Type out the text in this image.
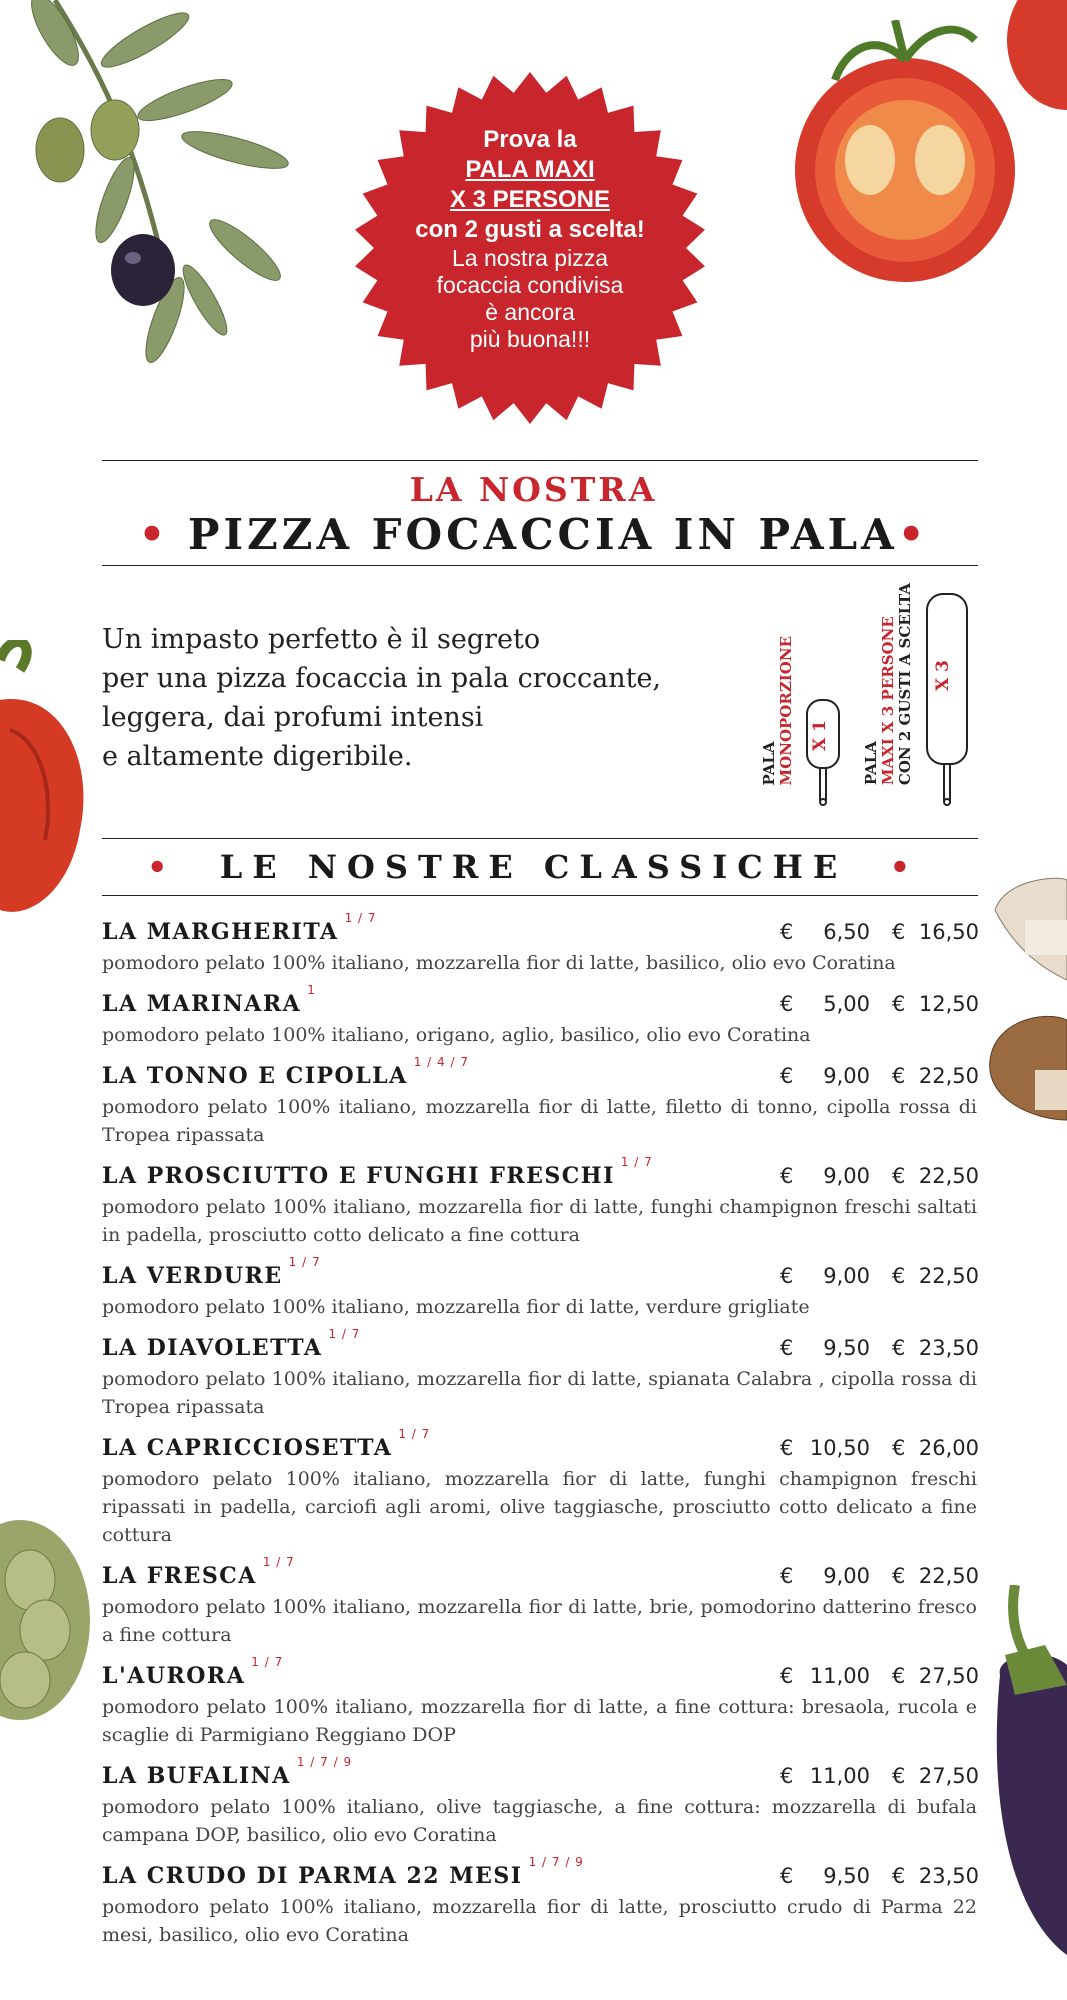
Prova la
PALA MAXI
X 3 PERSONE
con 2 gusti a scelta!
La nostra pizza
focaccia condivisa
è ancora
più buona!!!
LA NOSTRA
• PIZZA FOCACCIA IN PALA•
Un impasto perfetto è il segreto
per una pizza focaccia in pala croccante,
leggera, dai profumi intensi
e altamente digeribile.	PALA
MONOPORZIONE X 1
PALA
MAXI X 3 PERSONE
CON 2 GUSTI A SCELTA X 3
• LE NOSTRE CLASSICHE •
LA $MARGHERITA^{1 / 7}$
€ 6,50 € 16,50
pomodoro pelato 100% italiano, mozzarella fior di latte, basilico, olio evo Coratina
LA MARINARA$^1$
€ 5,00 € 12,50
pomodoro pelato 100% italiano, origano, aglio, basilico, olio evo Coratina
LA TONNO E $CIPOLLA^{1 / 4 / 7}$
€ 9,00 € 22,50
pomodoro pelato 100% italiano, mozzarella fior di latte, filetto di tonno, cipolla rossa di Tropea ripassata
LA PROSCIUTTO E FUNGHI $FRESCHI^{1 / 7}$
€ 9,00 € 22,50
pomodoro pelato 100% italiano, mozzarella fior di latte, funghi champignon freschi saltati in padella, prosciutto cotto delicato a fine cottura
LA $VERDURE^{1 / 7}$
€ 9,00 € 22,50
pomodoro pelato 100% italiano, mozzarella fior di latte, verdure grigliate
LA $DIAVOLETTA^{1 / 7}$
€ 9,50 € 23,50
pomodoro pelato 100% italiano, mozzarella fior di latte, spianata Calabra , cipolla rossa di Tropea ripassata
LA $CAPRICCIOSETTA^{1 / 7}$
€ 10,50 € 26,00
pomodoro pelato 100% italiano, mozzarella fior di latte, funghi champignon freschi ripassati in padella, carciofi agli aromi, olive taggiasche, prosciutto cotto delicato a fine cottura
LA $FRESCA^{1 / 7}$
€ 9,00 € 22,50
pomodoro pelato 100% italiano, mozzarella fior di latte, brie, pomodorino datterino fresco a fine cottura
$L'AURORA^{1 / 7}$
€ 11,00 € 27,50
pomodoro pelato 100% italiano, mozzarella fior di latte, a fine cottura: bresaola, rucola e scaglie di Parmigiano Reggiano DOP
LA $BUFALINA^{1 / 7 / 9}$
€ 11,00 € 27,50
pomodoro pelato 100% italiano, olive taggiasche, a fine cottura: mozzarella di bufala campana DOP, basilico, olio evo Coratina
LA CRUDO DI PARMA 22 $MESI^{1 / 7 / 9}$
€ 9,50 € 23,50
pomodoro pelato 100% italiano, mozzarella fior di latte, prosciutto crudo di Parma 22 mesi, basilico, olio evo Coratina
